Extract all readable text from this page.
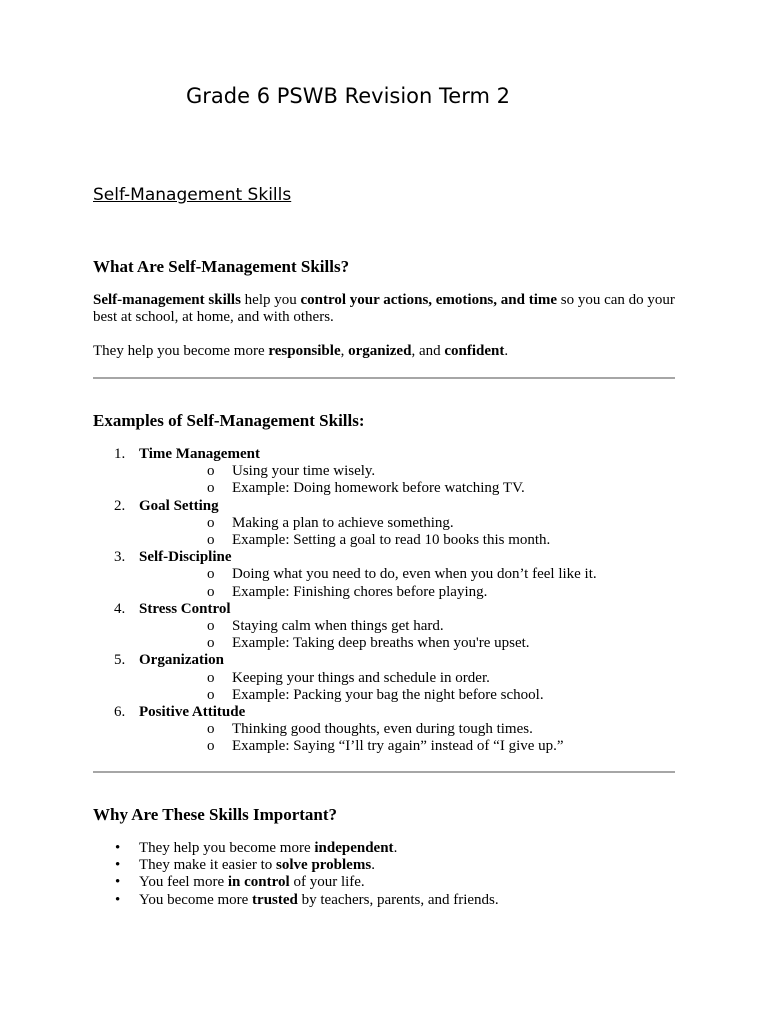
Grade 6 PSWB Revision Term 2
Self-Management Skills
What Are Self-Management Skills?

Self-management skills help you control your actions, emotions, and time so you can do your best at school, at home, and with others.

They help you become more responsible, organized, and confident.

Examples of Self-Management Skills:
1. Time Management
o Using your time wisely.
o Example: Doing homework before watching TV.
2. Goal Setting
o Making a plan to achieve something.
o Example: Setting a goal to read 10 books this month.
3. Self-Discipline
o Doing what you need to do, even when you don’t feel like it.
o Example: Finishing chores before playing.
4. Stress Control
o Staying calm when things get hard.
o Example: Taking deep breaths when you're upset.
5. Organization
o Keeping your things and schedule in order.
o Example: Packing your bag the night before school.
6. Positive Attitude
o Thinking good thoughts, even during tough times.
o Example: Saying “I’ll try again” instead of “I give up.”
Why Are These Skills Important?
• They help you become more independent.
• They make it easier to solve problems.
• You feel more in control of your life.
• You become more trusted by teachers, parents, and friends.
